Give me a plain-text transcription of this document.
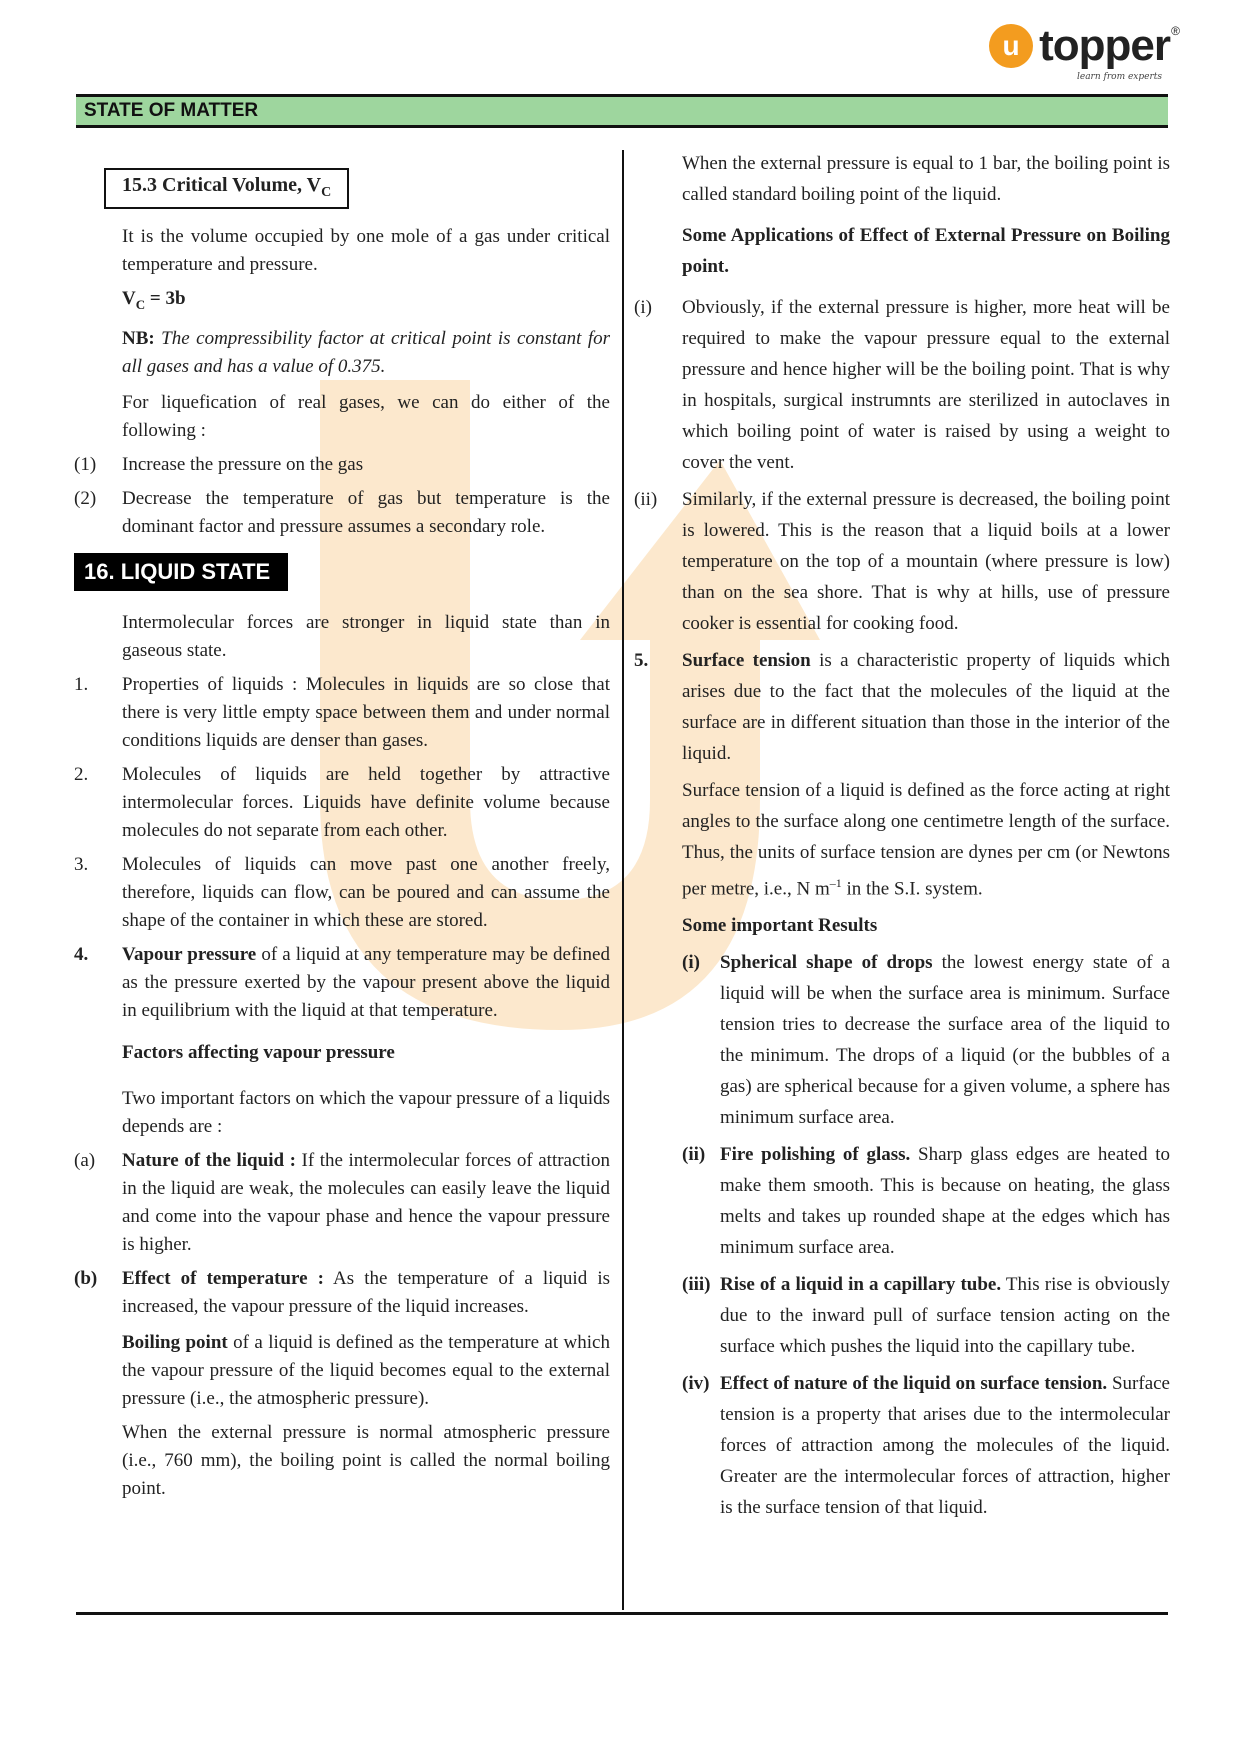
u topper ®
learn from experts
STATE OF MATTER
15.3 Critical Volume, $V_C$

It is the volume occupied by one mole of a gas under critical temperature and pressure.

$V_C = 3b$

NB: The compressibility factor at critical point is constant for all gases and has a value of 0.375.

For liquefication of real gases, we can do either of the following :

(1)	Increase the pressure on the gas
(2)	Decrease the temperature of gas but temperature is the dominant factor and pressure assumes a secondary role.
16. LIQUID STATE

Intermolecular forces are stronger in liquid state than in gaseous state.

1.	Properties of liquids : Molecules in liquids are so close that there is very little empty space between them and under normal conditions liquids are denser than gases.
2.	Molecules of liquids are held together by attractive intermolecular forces. Liquids have definite volume because molecules do not separate from each other.
3.	Molecules of liquids can move past one another freely, therefore, liquids can flow, can be poured and can assume the shape of the container in which these are stored.
4.	Vapour pressure of a liquid at any temperature may be defined as the pressure exerted by the vapour present above the liquid in equilibrium with the liquid at that temperature.

Factors affecting vapour pressure

Two important factors on which the vapour pressure of a liquids depends are :

(a)	Nature of the liquid : If the intermolecular forces of attraction in the liquid are weak, the molecules can easily leave the liquid and come into the vapour phase and hence the vapour pressure is higher.
(b)	Effect of temperature : As the temperature of a liquid is increased, the vapour pressure of the liquid increases.

Boiling point of a liquid is defined as the temperature at which the vapour pressure of the liquid becomes equal to the external pressure (i.e., the atmospheric pressure).

When the external pressure is normal atmospheric pressure (i.e., 760 mm), the boiling point is called the normal boiling point.

When the external pressure is equal to 1 bar, the boiling point is called standard boiling point of the liquid.

Some Applications of Effect of External Pressure on Boiling point.

(i)	Obviously, if the external pressure is higher, more heat will be required to make the vapour pressure equal to the external pressure and hence higher will be the boiling point. That is why in hospitals, surgical instrumnts are sterilized in autoclaves in which boiling point of water is raised by using a weight to cover the vent.
(ii)	Similarly, if the external pressure is decreased, the boiling point is lowered. This is the reason that a liquid boils at a lower temperature on the top of a mountain (where pressure is low) than on the sea shore. That is why at hills, use of pressure cooker is essential for cooking food.
5.	Surface tension is a characteristic property of liquids which arises due to the fact that the molecules of the liquid at the surface are in different situation than those in the interior of the liquid.

Surface tension of a liquid is defined as the force acting at right angles to the surface along one centimetre length of the surface. Thus, the units of surface tension are dynes per cm (or Newtons per metre, i.e., N $m^{-1}$ in the S.I. system.

Some important Results

(i)	Spherical shape of drops the lowest energy state of a liquid will be when the surface area is minimum. Surface tension tries to decrease the surface area of the liquid to the minimum. The drops of a liquid (or the bubbles of a gas) are spherical because for a given volume, a sphere has minimum surface area.
(ii) Fire polishing of glass. Sharp glass edges are heated to make them smooth. This is because on heating, the glass melts and takes up rounded shape at the edges which has minimum surface area.
(iii) Rise of a liquid in a capillary tube. This rise is obviously due to the inward pull of surface tension acting on the surface which pushes the liquid into the capillary tube.
(iv) Effect of nature of the liquid on surface tension. Surface tension is a property that arises due to the intermolecular forces of attraction among the molecules of the liquid. Greater are the intermolecular forces of attraction, higher is the surface tension of that liquid.
